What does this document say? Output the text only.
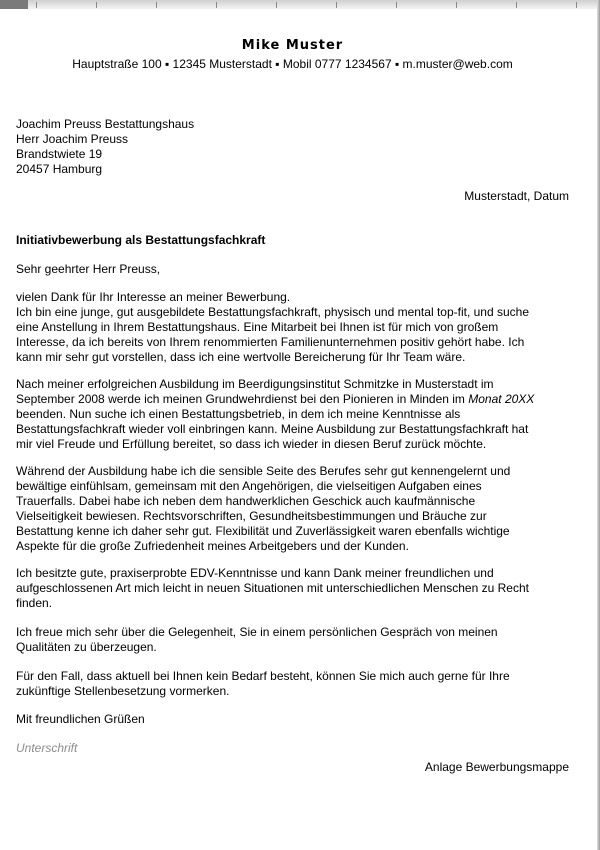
Mike Muster
Hauptstraße 100 ▪ 12345 Musterstadt ▪ Mobil 0777 1234567 ▪ m.muster@web.com
Joachim Preuss Bestattungshaus
Herr Joachim Preuss
Brandstwiete 19
20457 Hamburg
Musterstadt, Datum
Initiativbewerbung als Bestattungsfachkraft
Sehr geehrter Herr Preuss,

vielen Dank für Ihr Interesse an meiner Bewerbung.
Ich bin eine junge, gut ausgebildete Bestattungsfachkraft, physisch und mental top-fit, und suche
eine Anstellung in Ihrem Bestattungshaus. Eine Mitarbeit bei Ihnen ist für mich von großem
Interesse, da ich bereits von Ihrem renommierten Familienunternehmen positiv gehört habe. Ich
kann mir sehr gut vorstellen, dass ich eine wertvolle Bereicherung für Ihr Team wäre.

Nach meiner erfolgreichen Ausbildung im Beerdigungsinstitut Schmitzke in Musterstadt im
September 2008 werde ich meinen Grundwehrdienst bei den Pionieren in Minden im Monat 20XX
beenden. Nun suche ich einen Bestattungsbetrieb, in dem ich meine Kenntnisse als
Bestattungsfachkraft wieder voll einbringen kann. Meine Ausbildung zur Bestattungsfachkraft hat
mir viel Freude und Erfüllung bereitet, so dass ich wieder in diesen Beruf zurück möchte.

Während der Ausbildung habe ich die sensible Seite des Berufes sehr gut kennengelernt und
bewältige einfühlsam, gemeinsam mit den Angehörigen, die vielseitigen Aufgaben eines
Trauerfalls. Dabei habe ich neben dem handwerklichen Geschick auch kaufmännische
Vielseitigkeit bewiesen. Rechtsvorschriften, Gesundheitsbestimmungen und Bräuche zur
Bestattung kenne ich daher sehr gut. Flexibilität und Zuverlässigkeit waren ebenfalls wichtige
Aspekte für die große Zufriedenheit meines Arbeitgebers und der Kunden.

Ich besitzte gute, praxiserprobte EDV-Kenntnisse und kann Dank meiner freundlichen und
aufgeschlossenen Art mich leicht in neuen Situationen mit unterschiedlichen Menschen zu Recht
finden.

Ich freue mich sehr über die Gelegenheit, Sie in einem persönlichen Gespräch von meinen
Qualitäten zu überzeugen.

Für den Fall, dass aktuell bei Ihnen kein Bedarf besteht, können Sie mich auch gerne für Ihre
zukünftige Stellenbesetzung vormerken.

Mit freundlichen Grüßen
Unterschrift
Anlage Bewerbungsmappe
